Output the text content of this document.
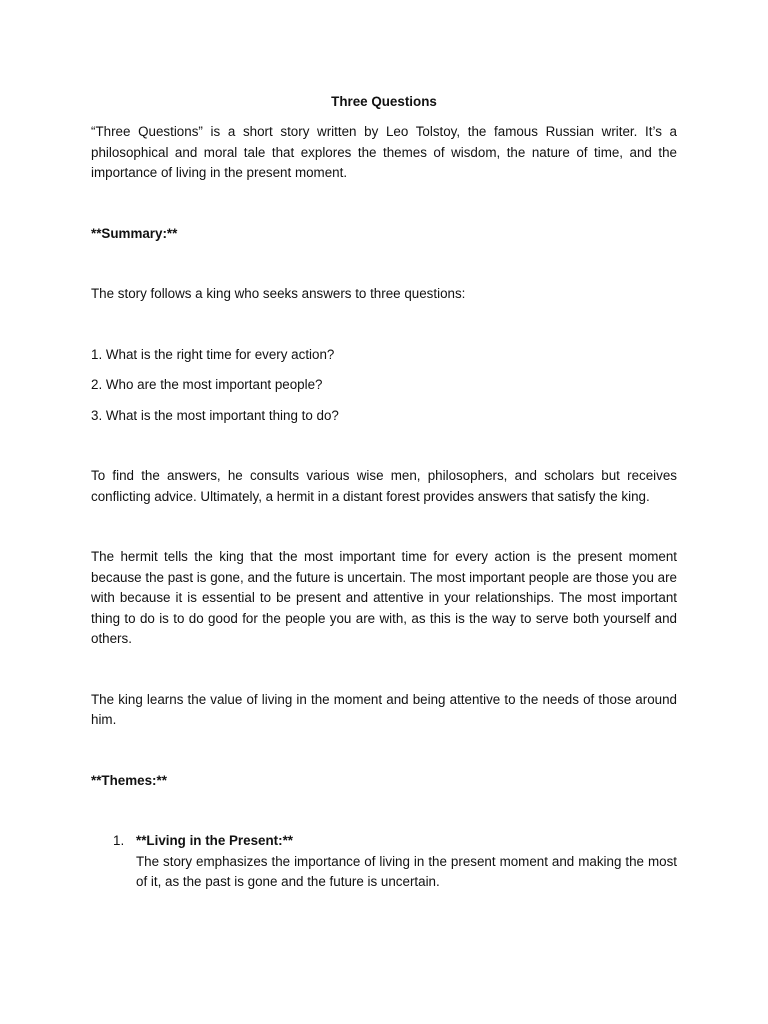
Three Questions

“Three Questions” is a short story written by Leo Tolstoy, the famous Russian writer. It’s a philosophical and moral tale that explores the themes of wisdom, the nature of time, and the importance of living in the present moment.

**Summary:**

The story follows a king who seeks answers to three questions:

1. What is the right time for every action?
2. Who are the most important people?
3. What is the most important thing to do?

To find the answers, he consults various wise men, philosophers, and scholars but receives conflicting advice. Ultimately, a hermit in a distant forest provides answers that satisfy the king.

The hermit tells the king that the most important time for every action is the present moment because the past is gone, and the future is uncertain. The most important people are those you are with because it is essential to be present and attentive in your relationships. The most important thing to do is to do good for the people you are with, as this is the way to serve both yourself and others.

The king learns the value of living in the moment and being attentive to the needs of those around him.

**Themes:**

1. **Living in the Present:**
The story emphasizes the importance of living in the present moment and making the most of it, as the past is gone and the future is uncertain.
